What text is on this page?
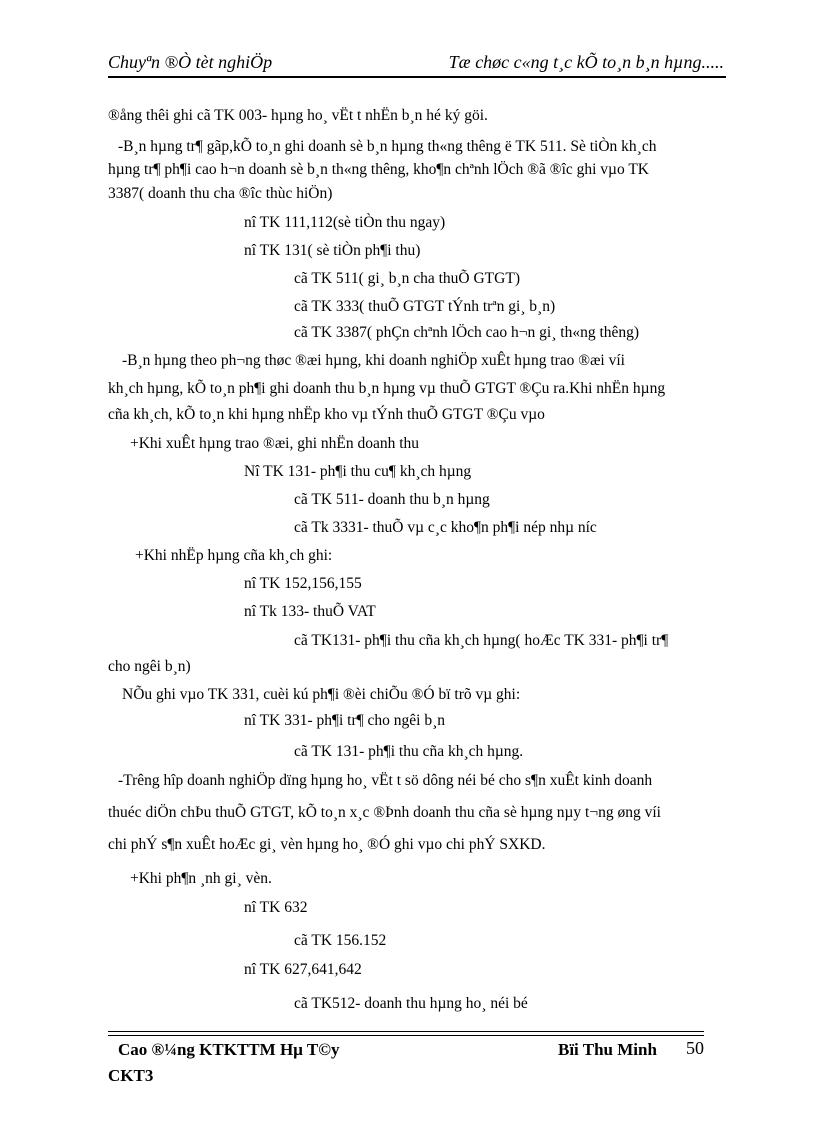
Chuyªn ®Ò tèt nghiÖp	Tæ chøc c«ng t¸c kÕ to¸n b¸n hµng.....
®ång thêi ghi cã TK 003- hµng ho¸ vËt t nhËn b¸n hé ký göi.
-B¸n hµng tr¶ gãp,kÕ to¸n ghi doanh sè b¸n hµng th«ng thêng ë TK 511. Sè tiÒn kh¸ch
hµng tr¶ ph¶i cao h¬n doanh sè b¸n th«ng thêng, kho¶n chªnh lÖch ®ã ®îc ghi vµo TK
3387( doanh thu cha ®îc thùc hiÖn)
nî TK 111,112(sè tiÒn thu ngay)
nî TK 131( sè tiÒn ph¶i thu)
cã TK 511( gi¸ b¸n cha thuÕ GTGT)
cã TK 333( thuÕ GTGT tÝnh trªn gi¸ b¸n)
cã TK 3387( phÇn chªnh lÖch cao h¬n gi¸ th«ng thêng)
-B¸n hµng theo ph¬ng thøc ®æi hµng, khi doanh nghiÖp xuÊt hµng trao ®æi víi
kh¸ch hµng, kÕ to¸n ph¶i ghi doanh thu b¸n hµng vµ thuÕ GTGT ®Çu ra.Khi nhËn hµng
cña kh¸ch, kÕ to¸n khi hµng nhËp kho vµ tÝnh thuÕ GTGT ®Çu vµo
+Khi xuÊt hµng trao ®æi, ghi nhËn doanh thu
Nî TK 131- ph¶i thu cu¶ kh¸ch hµng
cã TK 511- doanh thu b¸n hµng
cã Tk 3331- thuÕ vµ c¸c kho¶n ph¶i nép nhµ níc
+Khi nhËp hµng cña kh¸ch ghi:
nî TK 152,156,155
nî Tk 133- thuÕ VAT
cã TK131- ph¶i thu cña kh¸ch hµng( hoÆc TK 331- ph¶i tr¶
cho ngêi b¸n)
NÕu ghi vµo TK 331, cuèi kú ph¶i ®èi chiÕu ®Ó bï trõ vµ ghi:
nî TK 331- ph¶i tr¶ cho ngêi b¸n
cã TK 131- ph¶i thu cña kh¸ch hµng.
-Trêng hîp doanh nghiÖp dïng hµng ho¸ vËt t sö dông néi bé cho s¶n xuÊt kinh doanh
thuéc diÖn chÞu thuÕ GTGT, kÕ to¸n x¸c ®Þnh doanh thu cña sè hµng nµy t¬ng øng víi
chi phÝ s¶n xuÊt hoÆc gi¸ vèn hµng ho¸ ®Ó ghi vµo chi phÝ SXKD.
+Khi ph¶n ¸nh gi¸ vèn.
nî TK 632
cã TK 156.152
nî TK 627,641,642
cã TK512- doanh thu hµng ho¸ néi bé
Cao ®¼ng KTKTTM Hµ T©y
CKT3
Bïi Thu Minh 50
